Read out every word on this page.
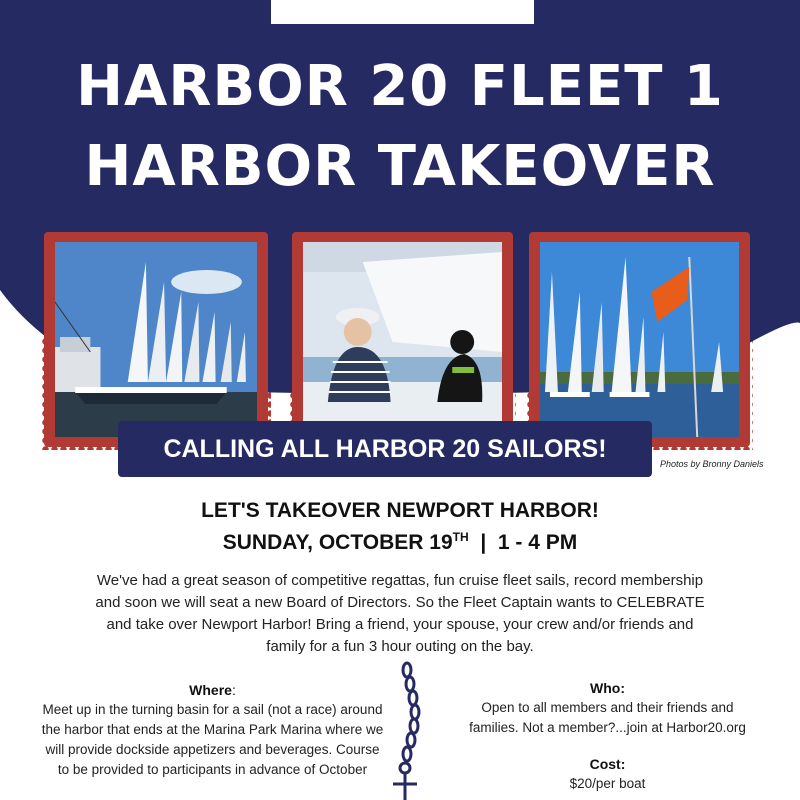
HARBOR 20 FLEET 1
HARBOR TAKEOVER
CALLING ALL HARBOR 20 SAILORS!
Photos by Bronny Daniels
LET'S TAKEOVER NEWPORT HARBOR!
SUNDAY, OCTOBER 19TH  |  1 - 4 PM
We've had a great season of competitive regattas, fun cruise fleet sails, record membership and soon we will seat a new Board of Directors. So the Fleet Captain wants to CELEBRATE and take over Newport Harbor! Bring a friend, your spouse, your crew and/or friends and family for a fun 3 hour outing on the bay.
Where:

Meet up in the turning basin for a sail (not a race) around the harbor that ends at the Marina Park Marina where we will provide dockside appetizers and beverages. Course to be provided to participants in advance of October

Who:

Open to all members and their friends and families. Not a member?...join at Harbor20.org

Cost:

$20/per boat
